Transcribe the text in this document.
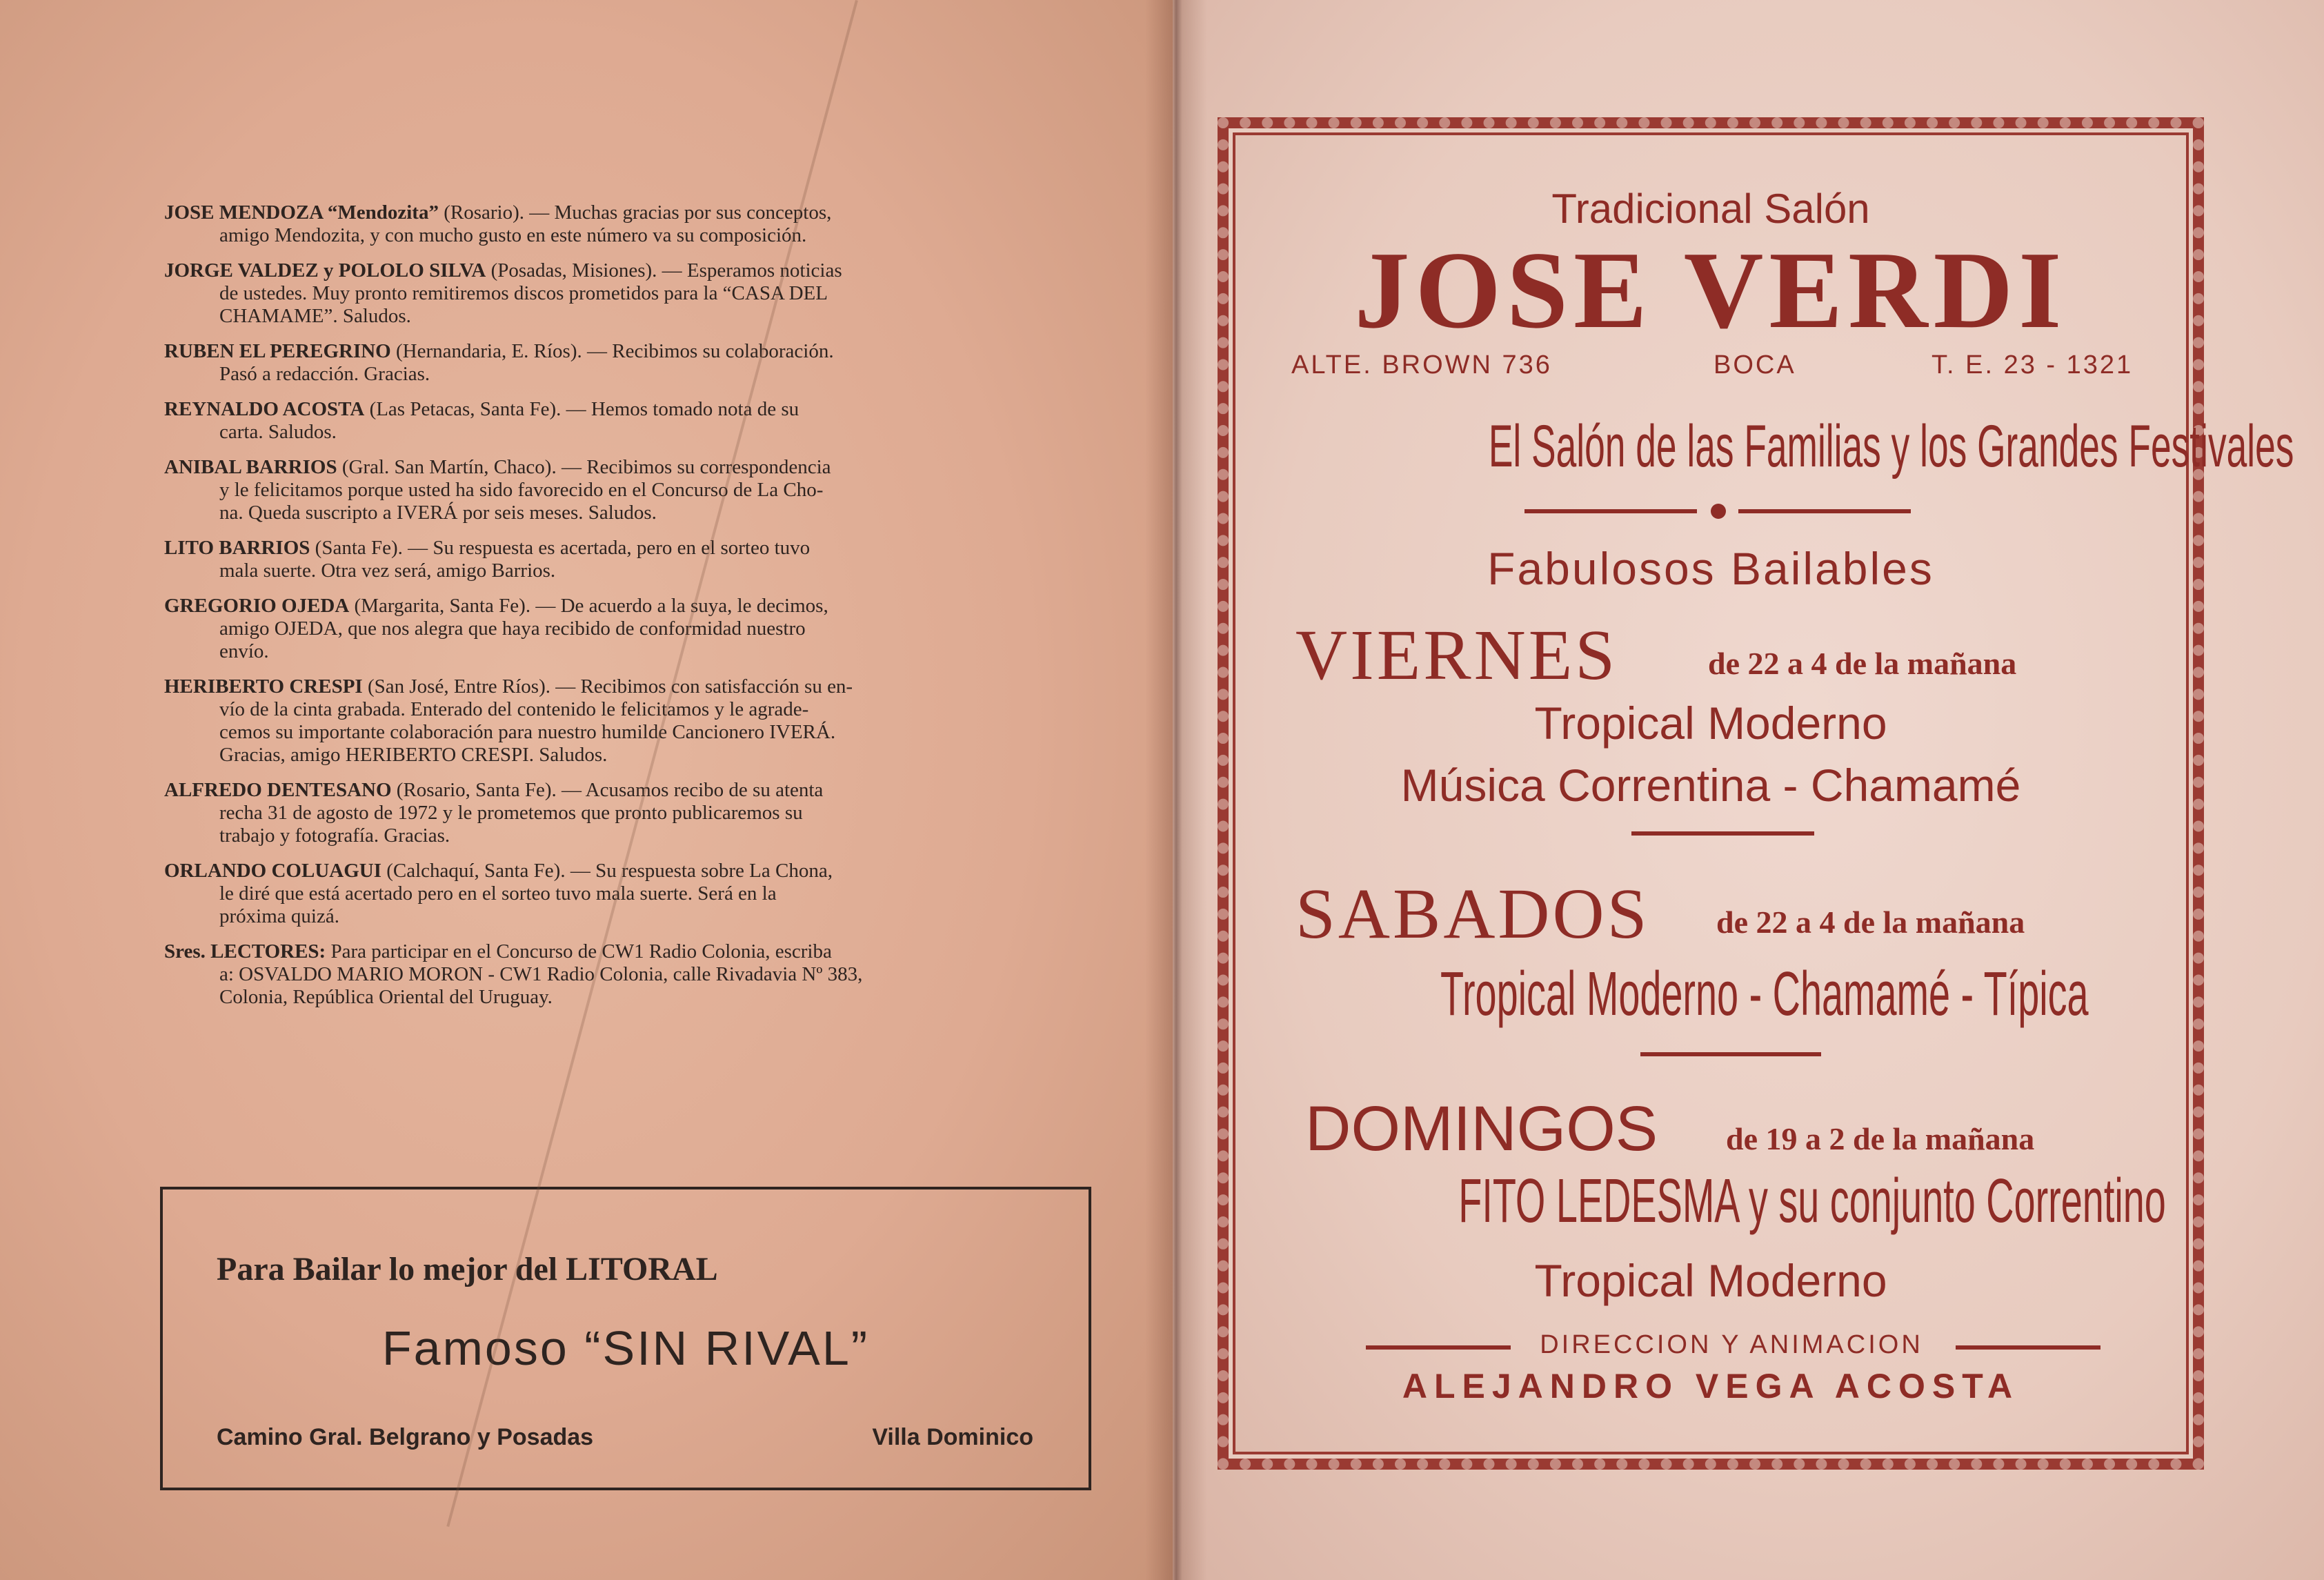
JOSE MENDOZA “Mendozita” (Rosario). — Muchas gracias por sus conceptos,
amigo Mendozita, y con mucho gusto en este número va su composición.
JORGE VALDEZ y POLOLO SILVA (Posadas, Misiones). — Esperamos noticias
de ustedes. Muy pronto remitiremos discos prometidos para la “CASA DEL
CHAMAME”. Saludos.
RUBEN EL PEREGRINO (Hernandaria, E. Ríos). — Recibimos su colaboración.
Pasó a redacción. Gracias.
REYNALDO ACOSTA (Las Petacas, Santa Fe). — Hemos tomado nota de su
carta. Saludos.
ANIBAL BARRIOS (Gral. San Martín, Chaco). — Recibimos su correspondencia
y le felicitamos porque usted ha sido favorecido en el Concurso de La Cho-
na. Queda suscripto a IVERÁ por seis meses. Saludos.
LITO BARRIOS (Santa Fe). — Su respuesta es acertada, pero en el sorteo tuvo
mala suerte. Otra vez será, amigo Barrios.
GREGORIO OJEDA (Margarita, Santa Fe). — De acuerdo a la suya, le decimos,
amigo OJEDA, que nos alegra que haya recibido de conformidad nuestro
envío.
HERIBERTO CRESPI (San José, Entre Ríos). — Recibimos con satisfacción su en-
vío de la cinta grabada. Enterado del contenido le felicitamos y le agrade-
cemos su importante colaboración para nuestro humilde Cancionero IVERÁ.
Gracias, amigo HERIBERTO CRESPI. Saludos.
ALFREDO DENTESANO (Rosario, Santa Fe). — Acusamos recibo de su atenta
recha 31 de agosto de 1972 y le prometemos que pronto publicaremos su
trabajo y fotografía. Gracias.
ORLANDO COLUAGUI (Calchaquí, Santa Fe). — Su respuesta sobre La Chona,
le diré que está acertado pero en el sorteo tuvo mala suerte. Será en la
próxima quizá.
Sres. LECTORES: Para participar en el Concurso de CW1 Radio Colonia, escriba
a: OSVALDO MARIO MORON - CW1 Radio Colonia, calle Rivadavia Nº 383,
Colonia, República Oriental del Uruguay.
Para Bailar lo mejor del LITORAL
Famoso “SIN RIVAL”
Camino Gral. Belgrano y Posadas	Villa Dominico
Tradicional Salón
JOSE VERDI
ALTE. BROWN 736	BOCA	T. E. 23 - 1321
El Salón de las Familias y los Grandes Festivales
Fabulosos Bailables
VIERNES	de 22 a 4 de la mañana
Tropical Moderno
Música Correntina - Chamamé
SABADOS de 22 a 4 de la mañana
Tropical Moderno - Chamamé - Típica
DOMINGOS de 19 a 2 de la mañana
FITO LEDESMA y su conjunto Correntino
Tropical Moderno
DIRECCION Y ANIMACION
ALEJANDRO VEGA ACOSTA
